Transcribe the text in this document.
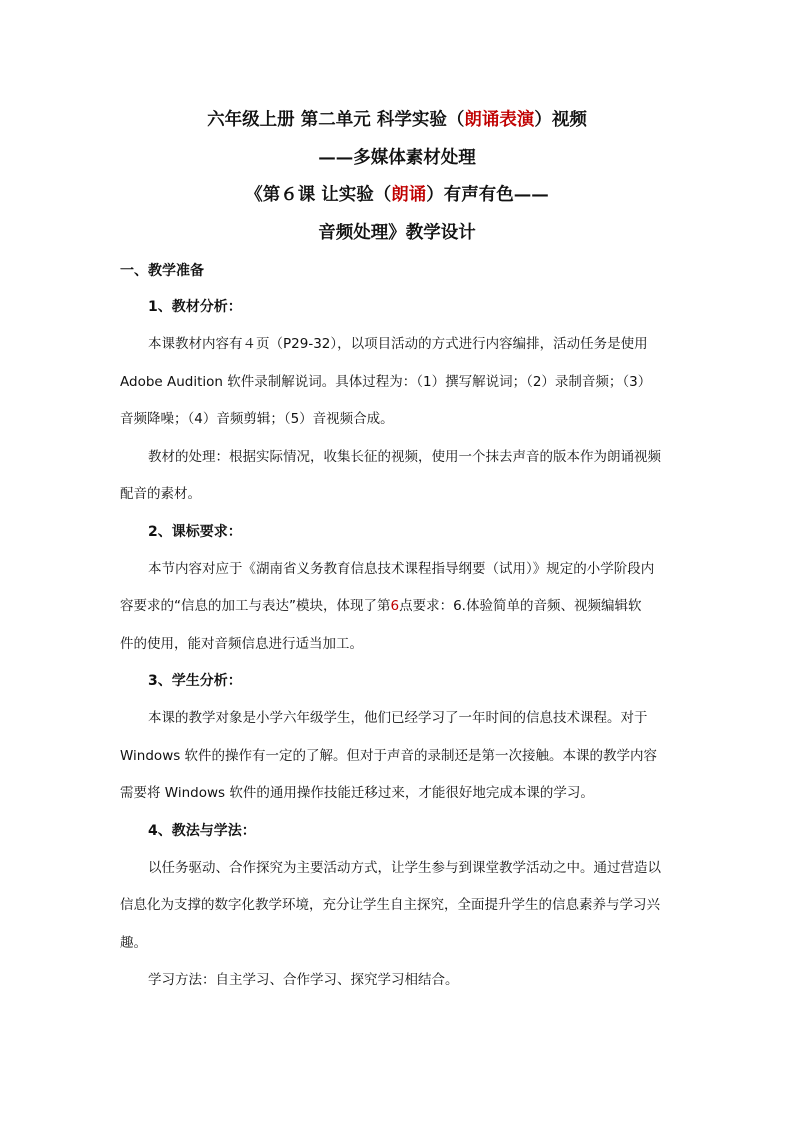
六年级上册 第二单元 科学实验（朗诵表演）视频
——多媒体素材处理
《第６课 让实验（朗诵）有声有色——
音频处理》教学设计

一、教学准备

1、教材分析：

本课教材内容有４页（P29-32），以项目活动的方式进行内容编排，活动任务是使用
Adobe Audition 软件录制解说词。具体过程为：（1）撰写解说词；（2）录制音频；（3）
音频降噪；（4）音频剪辑；（5）音视频合成。

教材的处理：根据实际情况，收集长征的视频，使用一个抹去声音的版本作为朗诵视频
配音的素材。

2、课标要求：

本节内容对应于《湖南省义务教育信息技术课程指导纲要（试用）》规定的小学阶段内
容要求的“信息的加工与表达”模块，体现了第6点要求：6.体验简单的音频、视频编辑软
件的使用，能对音频信息进行适当加工。

3、学生分析：

本课的教学对象是小学六年级学生，他们已经学习了一年时间的信息技术课程。对于
Windows 软件的操作有一定的了解。但对于声音的录制还是第一次接触。本课的教学内容
需要将 Windows 软件的通用操作技能迁移过来，才能很好地完成本课的学习。

4、教法与学法：

以任务驱动、合作探究为主要活动方式，让学生参与到课堂教学活动之中。通过营造以
信息化为支撑的数字化教学环境，充分让学生自主探究，全面提升学生的信息素养与学习兴
趣。

学习方法：自主学习、合作学习、探究学习相结合。
